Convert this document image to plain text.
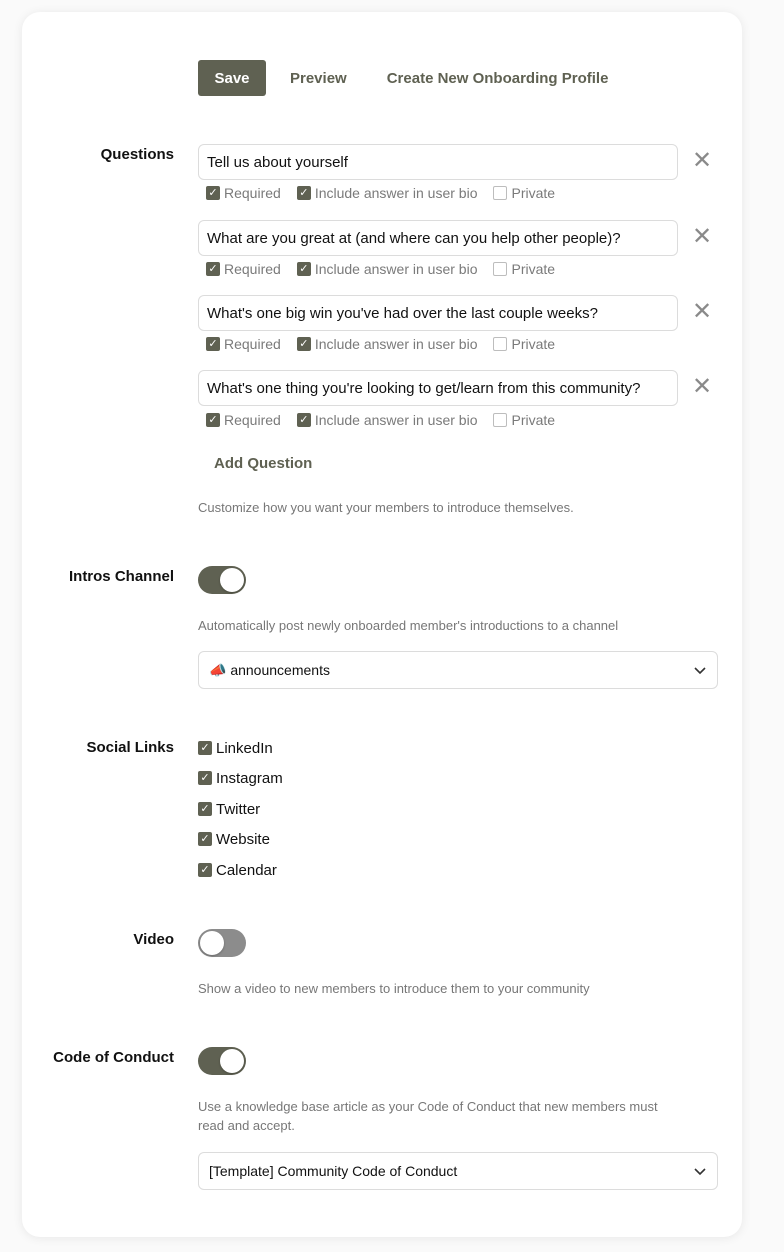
Save	Preview	Create New Onboarding Profile
Questions	Tell us about yourself	✕
✓ Required ✓ Include answer in user bio Private
What are you great at (and where can you help other people)?	✕
✓ Required ✓ Include answer in user bio Private
What's one big win you've had over the last couple weeks?	✕
✓ Required ✓ Include answer in user bio Private
What's one thing you're looking to get/learn from this community?	✕
✓ Required ✓ Include answer in user bio Private
Add Question
Customize how you want your members to introduce themselves.
Intros Channel
Automatically post newly onboarded member's introductions to a channel
📣 announcements
Social Links ✓ LinkedIn
✓ Instagram
✓ Twitter
✓ Website
✓ Calendar
Video
Show a video to new members to introduce them to your community
Code of Conduct
Use a knowledge base article as your Code of Conduct that new members must
read and accept.
[Template] Community Code of Conduct
